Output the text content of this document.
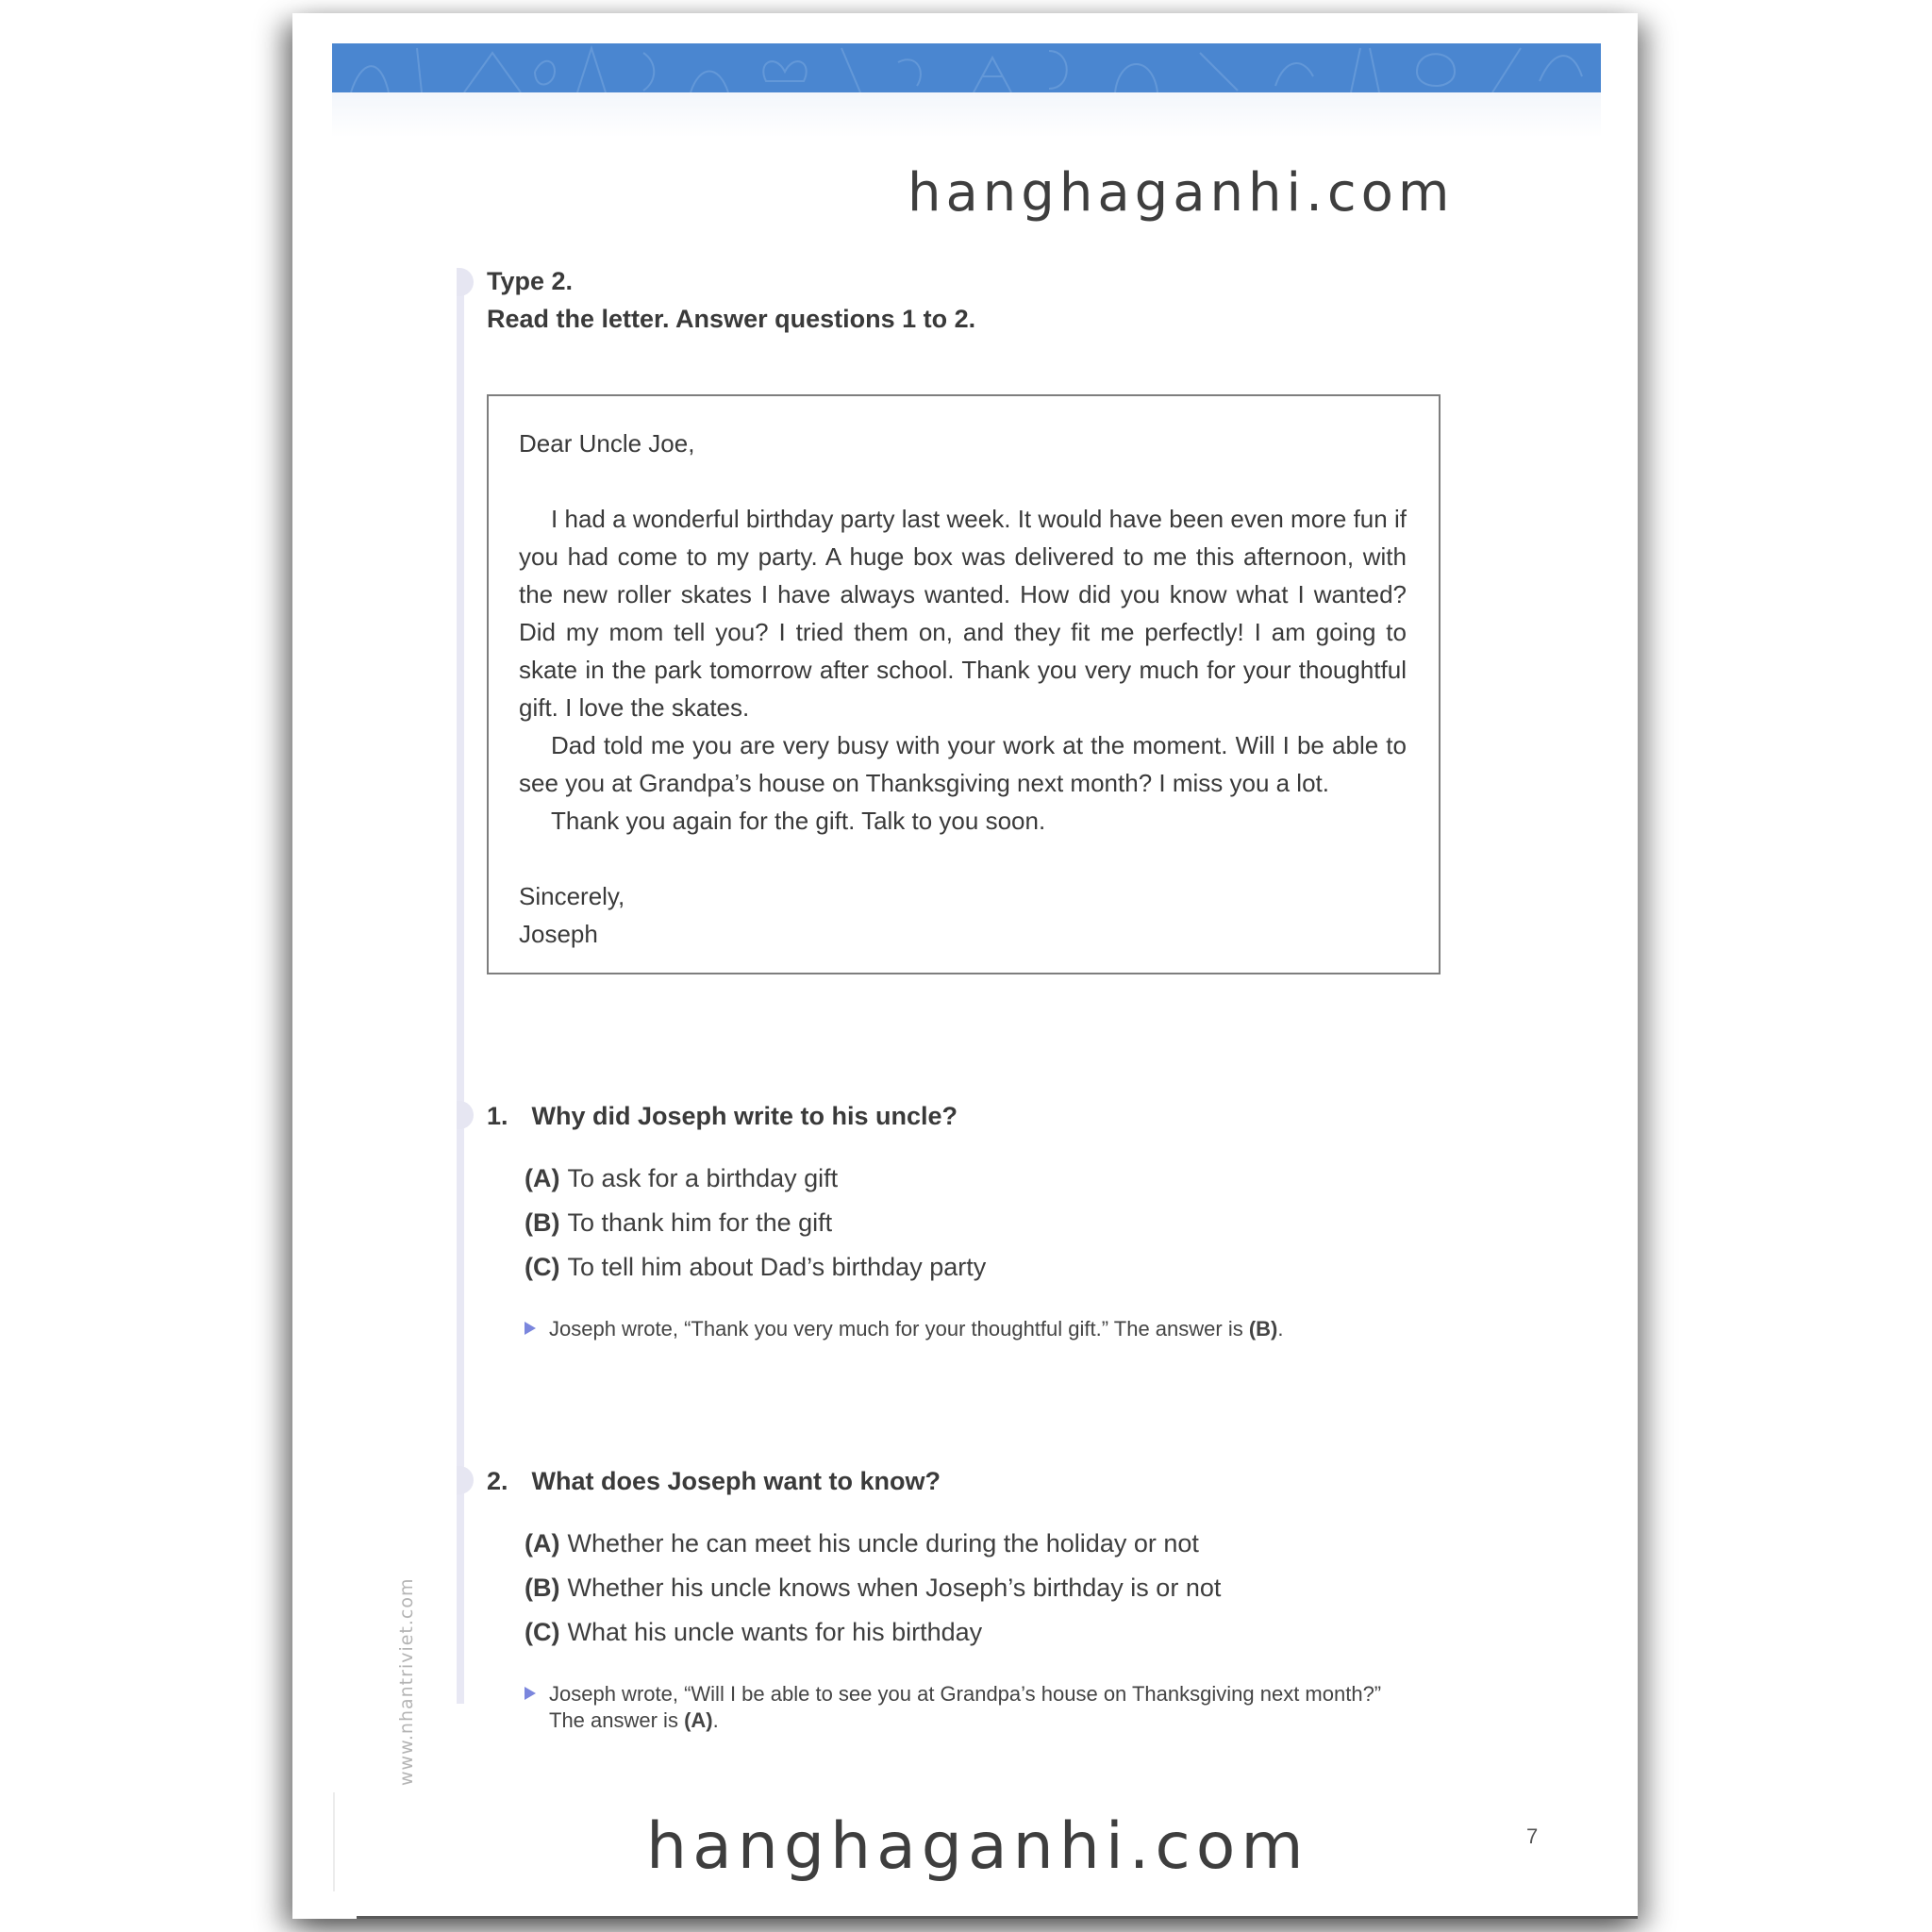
hanghaganhi.com
Type 2.
Read the letter. Answer questions 1 to 2.

Dear Uncle Joe,

I had a wonderful birthday party last week. It would have been even more fun if you had come to my party. A huge box was delivered to me this afternoon, with the new roller skates I have always wanted. How did you know what I wanted? Did my mom tell you? I tried them on, and they fit me perfectly! I am going to skate in the park tomorrow after school. Thank you very much for your thoughtful gift. I love the skates.

Dad told me you are very busy with your work at the moment. Will I be able to see you at Grandpa’s house on Thanksgiving next month? I miss you a lot.

Thank you again for the gift. Talk to you soon.

Sincerely,

Joseph

1. Why did Joseph write to his uncle?
(A) To ask for a birthday gift
(B) To thank him for the gift
(C) To tell him about Dad’s birthday party
Joseph wrote, “Thank you very much for your thoughtful gift.” The answer is (B).
2. What does Joseph want to know?
(A) Whether he can meet his uncle during the holiday or not
(B) Whether his uncle knows when Joseph’s birthday is or not
(C) What his uncle wants for his birthday
Joseph wrote, “Will I be able to see you at Grandpa’s house on Thanksgiving next month?”
The answer is (A).
www.nhantriviet.com
hanghaganhi.com	7
